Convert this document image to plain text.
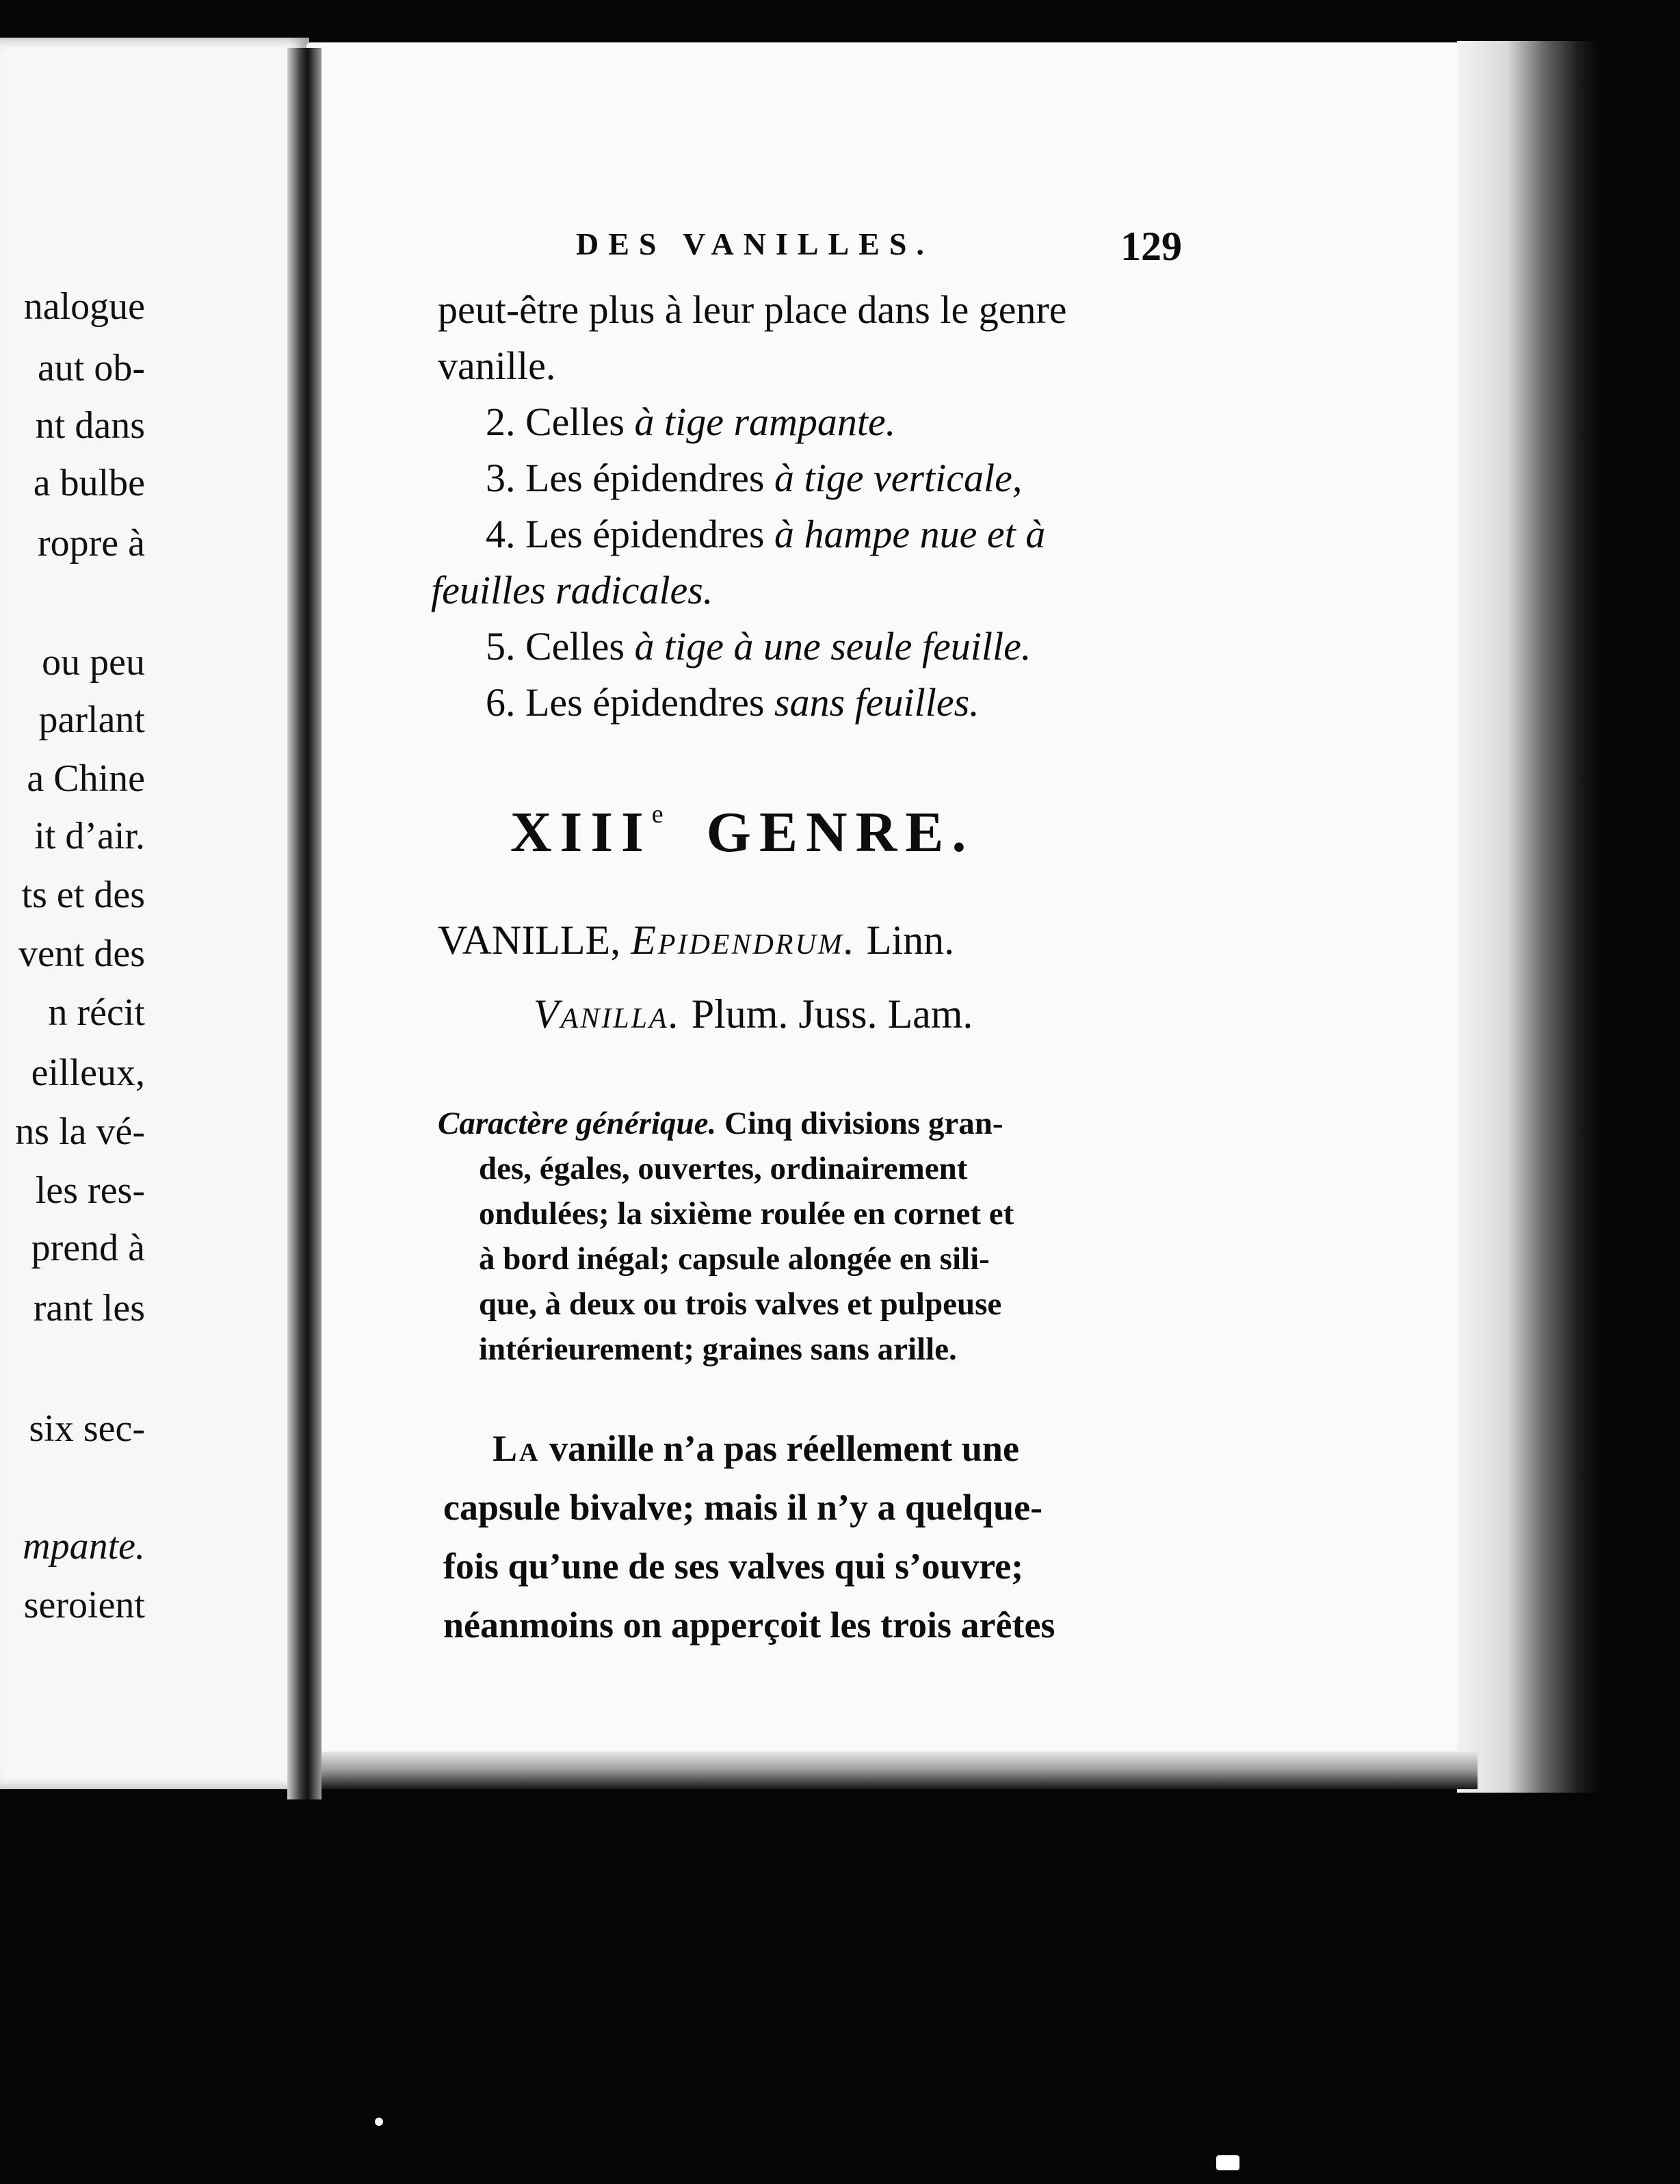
nalogue
aut ob-
nt dans
a bulbe
ropre à
ou peu
parlant
a Chine
it d’air.
ts et des
vent des
n récit
eilleux,
ns la vé-
les res-
prend à
rant les
six sec-
mpante.
seroient
DES VANILLES.	129
peut-être plus à leur place dans le genre
vanille.
2. Celles à tige rampante.
3. Les épidendres à tige verticale,
4. Les épidendres à hampe nue et à
feuilles radicales.
5. Celles à tige à une seule feuille.
6. Les épidendres sans feuilles.
XIIIe GENRE.
VANILLE, Epidendrum. Linn.
Vanilla. Plum. Juss. Lam.
Caractère générique. Cinq divisions gran-
des, égales, ouvertes, ordinairement
ondulées; la sixième roulée en cornet et
à bord inégal; capsule alongée en sili-
que, à deux ou trois valves et pulpeuse
intérieurement; graines sans arille.
La vanille n’a pas réellement une
capsule bivalve; mais il n’y a quelque-
fois qu’une de ses valves qui s’ouvre;
néanmoins on apperçoit les trois arêtes
